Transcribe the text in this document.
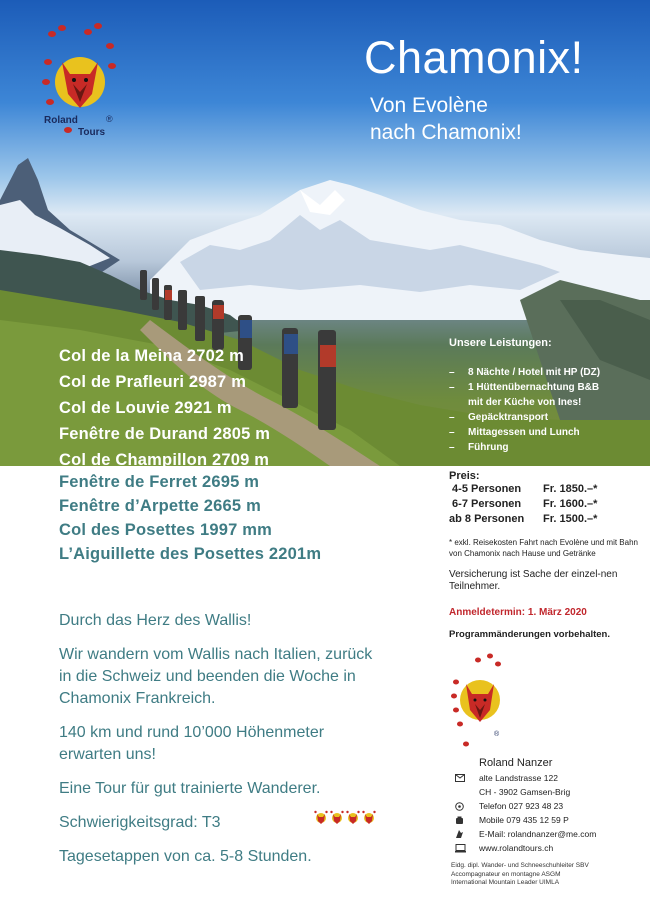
Roland	®
Tours
Chamonix!
Von Evolène
nach Chamonix!
Col de la Meina 2702 m
Col de Prafleuri 2987 m
Col de Louvie 2921 m
Fenêtre de Durand 2805 m
Col de Champillon 2709 m
Unsere Leistungen:
–	8 Nächte / Hotel mit HP (DZ)
–	1 Hüttenübernachtung B&B
mit der Küche von Ines!
–	Gepäcktransport
–	Mittagessen und Lunch
–	Führung
Fenêtre de Ferret 2695 m
Fenêtre d’Arpette 2665 m
Col des Posettes 1997 mm
L’Aiguillette des Posettes 2201m
Preis:
4-5 Personen	Fr. 1850.–*
6-7 Personen	Fr. 1600.–*
ab 8 Personen	Fr. 1500.–*
* exkl. Reisekosten Fahrt nach Evolène und mit Bahn von Chamonix nach Hause und Getränke
Versicherung ist Sache der einzel-nen Teilnehmer.
Anmeldetermin: 1. März 2020
Programmänderungen vorbehalten.
®

Durch das Herz des Wallis!

Wir wandern vom Wallis nach Italien, zurück in die Schweiz und beenden die Woche in Chamonix Frankreich.

140 km und rund 10’000 Höhenmeter erwarten uns!

Eine Tour für gut trainierte Wanderer.

Schwierigkeitsgrad: T3

Tagesetappen von ca. 5-8 Stunden.

Roland Nanzer
alte Landstrasse 122
CH - 3902 Gamsen-Brig
Telefon 027 923 48 23
Mobile 079 435 12 59 P
E-Mail: rolandnanzer@me.com
www.rolandtours.ch
Eidg. dipl. Wander- und Schneeschuhleiter SBV
Accompagnateur en montagne ASGM
International Mountain Leader UIMLA
